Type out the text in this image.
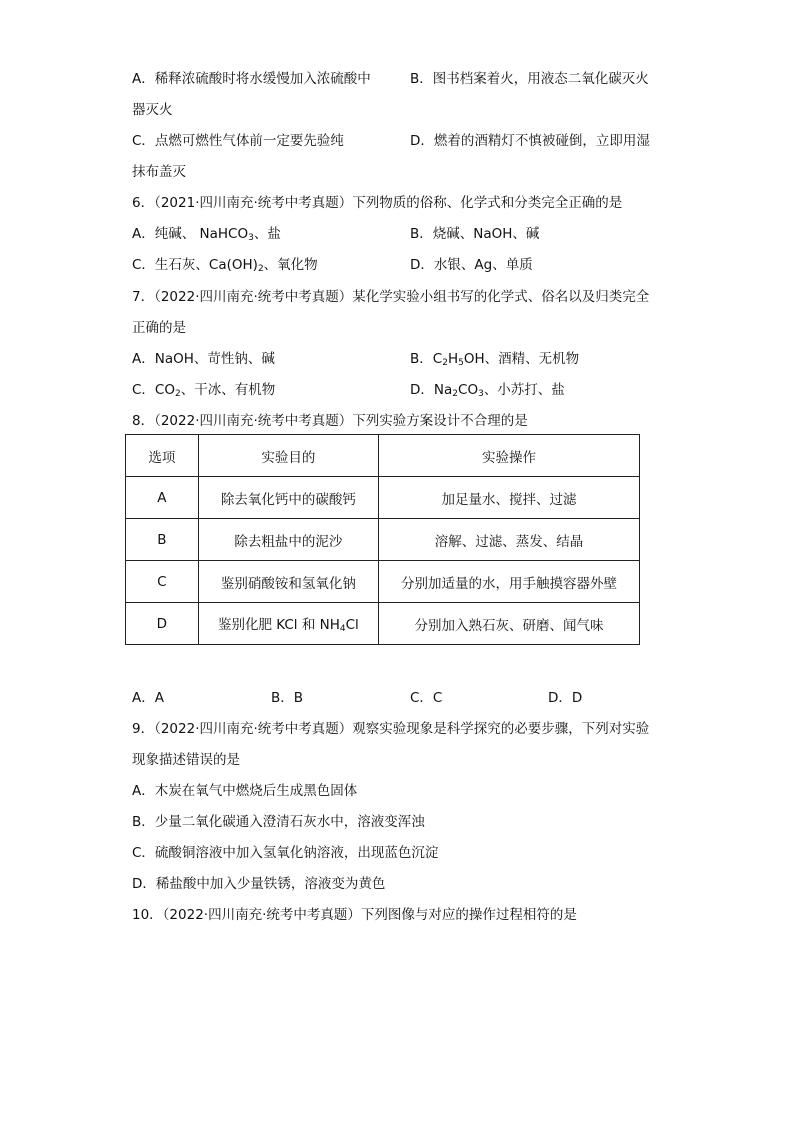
A．稀释浓硫酸时将水缓慢加入浓硫酸中	B．图书档案着火，用液态二氧化碳灭火
器灭火
C．点燃可燃性气体前一定要先验纯	D．燃着的酒精灯不慎被碰倒，立即用湿
抹布盖灭
6．（2021·四川南充·统考中考真题）下列物质的俗称、化学式和分类完全正确的是
A．纯碱、 NaHCO$_3$、盐	B．烧碱、NaOH、碱
C．生石灰、$Ca(OH)_2$、氧化物	D．水银、Ag、单质
7．（2022·四川南充·统考中考真题）某化学实验小组书写的化学式、俗名以及归类完全
正确的是
A．NaOH、苛性钠、碱	B．$C_2H_5OH$、酒精、无机物
C．$CO_2$、干冰、有机物	D．$Na_2CO_3$、小苏打、盐
8．（2022·四川南充·统考中考真题）下列实验方案设计不合理的是
选项	实验目的	实验操作
A	除去氧化钙中的碳酸钙	加足量水、搅拌、过滤
B	除去粗盐中的泥沙	溶解、过滤、蒸发、结晶
C	鉴别硝酸铵和氢氧化钠	分别加适量的水，用手触摸容器外壁
D	鉴别化肥 KCl 和 $NH_4Cl$	分别加入熟石灰、研磨、闻气味
A．A	B．B	C．C	D．D
9．（2022·四川南充·统考中考真题）观察实验现象是科学探究的必要步骤，下列对实验
现象描述错误的是
A．木炭在氧气中燃烧后生成黑色固体
B．少量二氧化碳通入澄清石灰水中，溶液变浑浊
C．硫酸铜溶液中加入氢氧化钠溶液，出现蓝色沉淀
D．稀盐酸中加入少量铁锈，溶液变为黄色
10．（2022·四川南充·统考中考真题）下列图像与对应的操作过程相符的是
